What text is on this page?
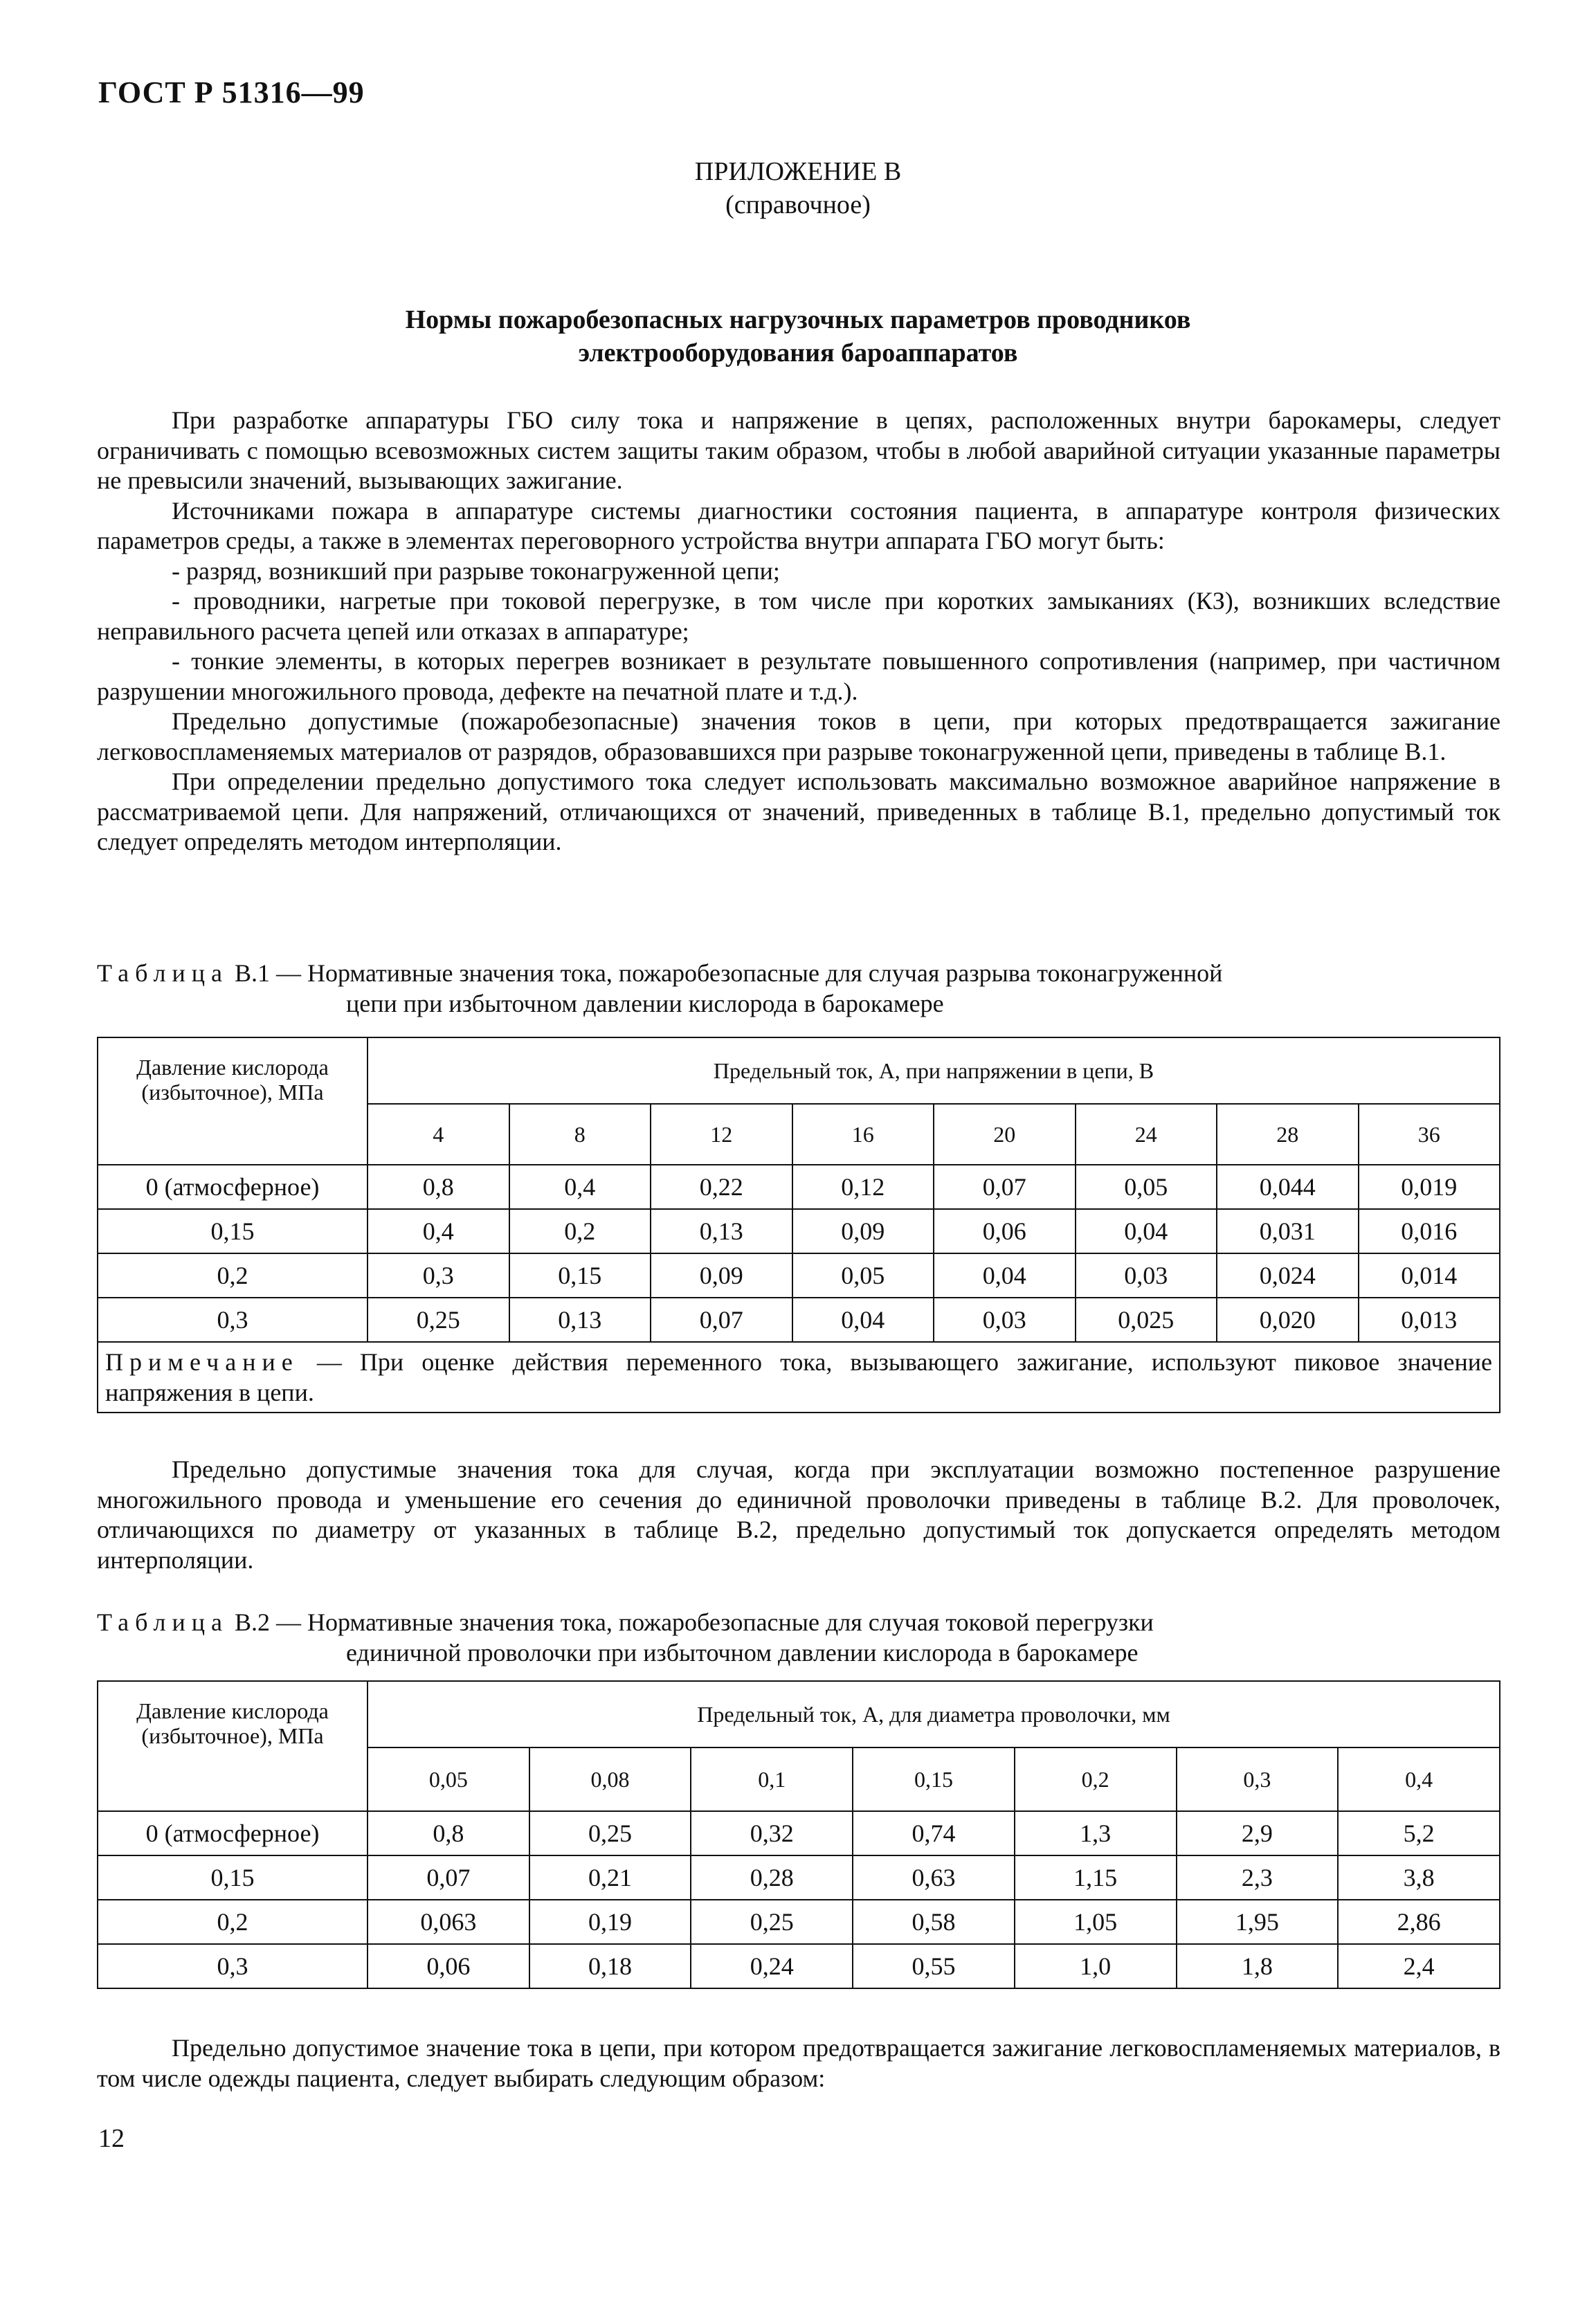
ГОСТ Р 51316—99
ПРИЛОЖЕНИЕ В
(справочное)
Нормы пожаробезопасных нагрузочных параметров проводников
электрооборудования бароаппаратов

При разработке аппаратуры ГБО силу тока и напряжение в цепях, расположенных внутри барокамеры, следует ограничивать с помощью всевозможных систем защиты таким образом, чтобы в любой аварийной ситуации указанные параметры не превысили значений, вызывающих зажигание.

Источниками пожара в аппаратуре системы диагностики состояния пациента, в аппаратуре контроля физических параметров среды, а также в элементах переговорного устройства внутри аппарата ГБО могут быть:

- разряд, возникший при разрыве токонагруженной цепи;

- проводники, нагретые при токовой перегрузке, в том числе при коротких замыканиях (КЗ), возникших вследствие неправильного расчета цепей или отказах в аппаратуре;

- тонкие элементы, в которых перегрев возникает в результате повышенного сопротивления (например, при частичном разрушении многожильного провода, дефекте на печатной плате и т.д.).

Предельно допустимые (пожаробезопасные) значения токов в цепи, при которых предотвращается зажигание легковоспламеняемых материалов от разрядов, образовавшихся при разрыве токонагруженной цепи, приведены в таблице В.1.

При определении предельно допустимого тока следует использовать максимально возможное аварийное напряжение в рассматриваемой цепи. Для напряжений, отличающихся от значений, приведенных в таблице В.1, предельно допустимый ток следует определять методом интерполяции.

Таблица В.1 — Нормативные значения тока, пожаробезопасные для случая разрыва токонагруженной
цепи при избыточном давлении кислорода в барокамере
Давление кислорода (избыточное), МПа	Предельный ток, А, при напряжении в цепи, В							
	4	8	12	16	20	24	28	36
0 (атмосферное)	0,8	0,4	0,22	0,12	0,07	0,05	0,044	0,019
0,15	0,4	0,2	0,13	0,09	0,06	0,04	0,031	0,016
0,2	0,3	0,15	0,09	0,05	0,04	0,03	0,024	0,014
0,3	0,25	0,13	0,07	0,04	0,03	0,025	0,020	0,013
Примечание — При оценке действия переменного тока, вызывающего зажигание, используют пиковое значение напряжения в цепи.								

Предельно допустимые значения тока для случая, когда при эксплуатации возможно постепенное разрушение многожильного провода и уменьшение его сечения до единичной проволочки приведены в таблице В.2. Для проволочек, отличающихся по диаметру от указанных в таблице В.2, предельно допустимый ток допускается определять методом интерполяции.

Таблица В.2 — Нормативные значения тока, пожаробезопасные для случая токовой перегрузки
единичной проволочки при избыточном давлении кислорода в барокамере
Давление кислорода (избыточное), МПа	Предельный ток, А, для диаметра проволочки, мм						
	0,05	0,08	0,1	0,15	0,2	0,3	0,4
0 (атмосферное)	0,8	0,25	0,32	0,74	1,3	2,9	5,2
0,15	0,07	0,21	0,28	0,63	1,15	2,3	3,8
0,2	0,063	0,19	0,25	0,58	1,05	1,95	2,86
0,3	0,06	0,18	0,24	0,55	1,0	1,8	2,4

Предельно допустимое значение тока в цепи, при котором предотвращается зажигание легковоспламеняемых материалов, в том числе одежды пациента, следует выбирать следующим образом:

12
